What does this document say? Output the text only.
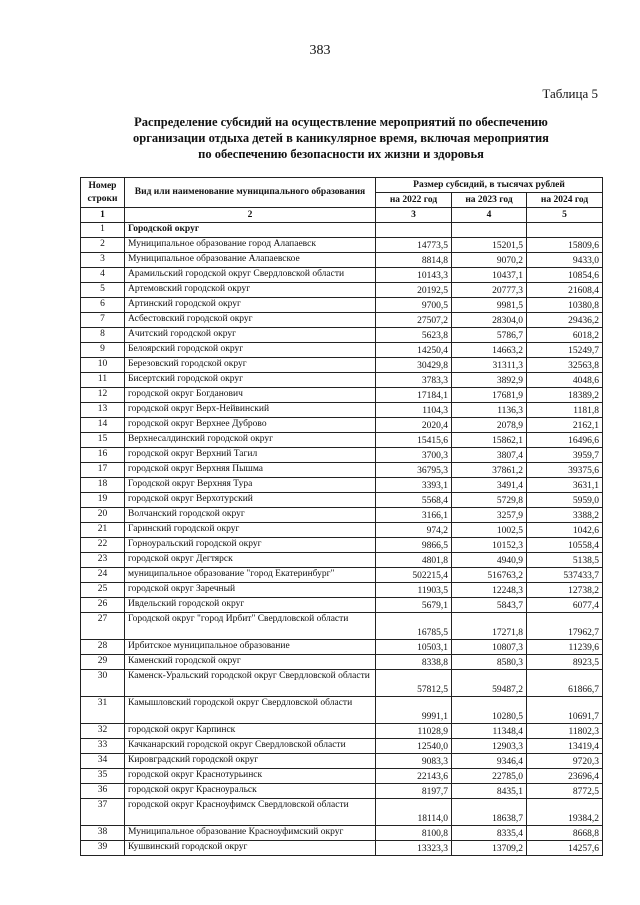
383
Таблица 5
Распределение субсидий на осуществление мероприятий по обеспечению
организации отдыха детей в каникулярное время, включая мероприятия
по обеспечению безопасности их жизни и здоровья
Номер строки	Вид или наименование муниципального образования	Размер субсидий, в тысячах рублей		
		на 2022 год	на 2023 год	на 2024 год
1	2	3	4	5
1	Городской округ			
2	Муниципальное образование город Алапаевск	14773,5	15201,5	15809,6
3	Муниципальное образование Алапаевское	8814,8	9070,2	9433,0
4	Арамильский городской округ Свердловской области	10143,3	10437,1	10854,6
5	Артемовский городской округ	20192,5	20777,3	21608,4
6	Артинский городской округ	9700,5	9981,5	10380,8
7	Асбестовский городской округ	27507,2	28304,0	29436,2
8	Ачитский городской округ	5623,8	5786,7	6018,2
9	Белоярский городской округ	14250,4	14663,2	15249,7
10	Березовский городской округ	30429,8	31311,3	32563,8
11	Бисертский городской округ	3783,3	3892,9	4048,6
12	городской округ Богданович	17184,1	17681,9	18389,2
13	городской округ Верх-Нейвинский	1104,3	1136,3	1181,8
14	городской округ Верхнее Дуброво	2020,4	2078,9	2162,1
15	Верхнесалдинский городской округ	15415,6	15862,1	16496,6
16	городской округ Верхний Тагил	3700,3	3807,4	3959,7
17	городской округ Верхняя Пышма	36795,3	37861,2	39375,6
18	Городской округ Верхняя Тура	3393,1	3491,4	3631,1
19	городской округ Верхотурский	5568,4	5729,8	5959,0
20	Волчанский городской округ	3166,1	3257,9	3388,2
21	Гаринский городской округ	974,2	1002,5	1042,6
22	Горноуральский городской округ	9866,5	10152,3	10558,4
23	городской округ Дегтярск	4801,8	4940,9	5138,5
24	муниципальное образование "город Екатеринбург"	502215,4	516763,2	537433,7
25	городской округ Заречный	11903,5	12248,3	12738,2
26	Ивдельский городской округ	5679,1	5843,7	6077,4
27	Городской округ "город Ирбит" Свердловской области	16785,5	17271,8	17962,7
28	Ирбитское муниципальное образование	10503,1	10807,3	11239,6
29	Каменский городской округ	8338,8	8580,3	8923,5
30	Каменск-Уральский городской округ Свердловской области	57812,5	59487,2	61866,7
31	Камышловский городской округ Свердловской области	9991,1	10280,5	10691,7
32	городской округ Карпинск	11028,9	11348,4	11802,3
33	Качканарский городской округ Свердловской области	12540,0	12903,3	13419,4
34	Кировградский городской округ	9083,3	9346,4	9720,3
35	городской округ Краснотурьинск	22143,6	22785,0	23696,4
36	городской округ Красноуральск	8197,7	8435,1	8772,5
37	городской округ Красноуфимск Свердловской области	18114,0	18638,7	19384,2
38	Муниципальное образование Красноуфимский округ	8100,8	8335,4	8668,8
39	Кушвинский городской округ	13323,3	13709,2	14257,6
